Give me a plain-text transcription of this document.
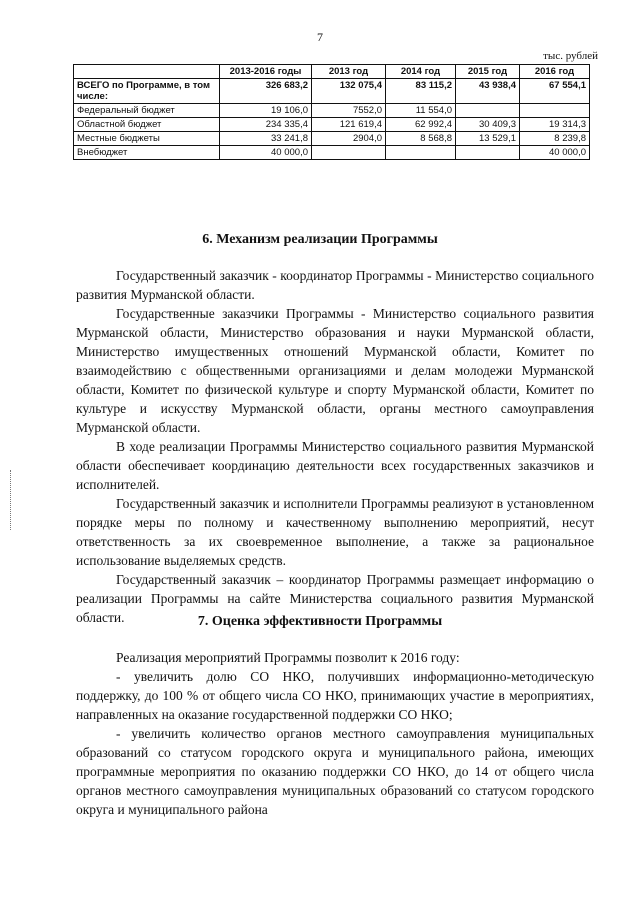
7
тыс. рублей
	2013-2016 годы	2013 год	2014 год	2015 год	2016 год
ВСЕГО по Программе, в том числе:	326 683,2	132 075,4	83 115,2	43 938,4	67 554,1
Федеральный бюджет	19 106,0	7552,0	11 554,0		
Областной бюджет	234 335,4	121 619,4	62 992,4	30 409,3	19 314,3
Местные бюджеты	33 241,8	2904,0	8 568,8	13 529,1	8 239,8
Внебюджет	40 000,0				40 000,0
6. Механизм реализации Программы

Государственный заказчик - координатор Программы - Министерство социального развития Мурманской области.

Государственные заказчики Программы - Министерство социального развития Мурманской области, Министерство образования и науки Мурманской области, Министерство имущественных отношений Мурманской области, Комитет по взаимодействию с общественными организациями и делам молодежи Мурманской области, Комитет по физической культуре и спорту Мурманской области, Комитет по культуре и искусству Мурманской области, органы местного самоуправления Мурманской области.

В ходе реализации Программы Министерство социального развития Мурманской области обеспечивает координацию деятельности всех государственных заказчиков и исполнителей.

Государственный заказчик и исполнители Программы реализуют в установленном порядке меры по полному и качественному выполнению мероприятий, несут ответственность за их своевременное выполнение, а также за рациональное использование выделяемых средств.

Государственный заказчик – координатор Программы размещает информацию о реализации Программы на сайте Министерства социального развития Мурманской области.	7. Оценка эффективности Программы

Реализация мероприятий Программы позволит к 2016 году:

- увеличить долю СО НКО, получивших информационно-методическую поддержку, до 100 % от общего числа СО НКО, принимающих участие в мероприятиях, направленных на оказание государственной поддержки СО НКО;

- увеличить количество органов местного самоуправления муниципальных образований со статусом городского округа и муниципального района, имеющих программные мероприятия по оказанию поддержки СО НКО, до 14 от общего числа органов местного самоуправления муниципальных образований со статусом городского округа и муниципального района
